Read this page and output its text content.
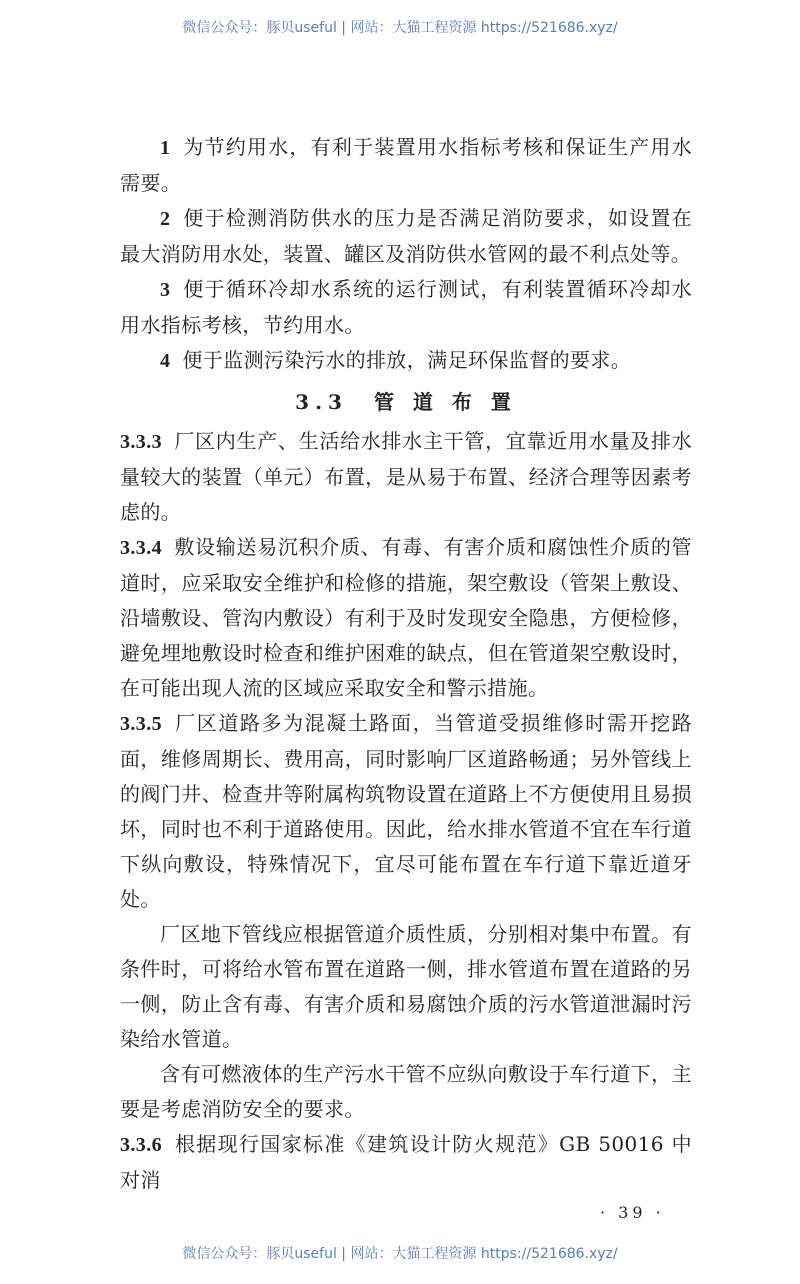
微信公众号：豚贝useful | 网站：大猫工程资源 https://521686.xyz/

1 为节约用水，有利于装置用水指标考核和保证生产用水需要。

2 便于检测消防供水的压力是否满足消防要求，如设置在最大消防用水处，装置、罐区及消防供水管网的最不利点处等。

3 便于循环冷却水系统的运行测试，有利装置循环冷却水用水指标考核，节约用水。

4 便于监测污染污水的排放，满足环保监督的要求。

3.3　管 道 布 置

3.3.3 厂区内生产、生活给水排水主干管，宜靠近用水量及排水量较大的装置（单元）布置，是从易于布置、经济合理等因素考虑的。

3.3.4 敷设输送易沉积介质、有毒、有害介质和腐蚀性介质的管道时，应采取安全维护和检修的措施，架空敷设（管架上敷设、沿墙敷设、管沟内敷设）有利于及时发现安全隐患，方便检修，避免埋地敷设时检查和维护困难的缺点，但在管道架空敷设时，在可能出现人流的区域应采取安全和警示措施。

3.3.5 厂区道路多为混凝土路面，当管道受损维修时需开挖路面，维修周期长、费用高，同时影响厂区道路畅通；另外管线上的阀门井、检查井等附属构筑物设置在道路上不方便使用且易损坏，同时也不利于道路使用。因此，给水排水管道不宜在车行道下纵向敷设，特殊情况下，宜尽可能布置在车行道下靠近道牙处。

厂区地下管线应根据管道介质性质，分别相对集中布置。有条件时，可将给水管布置在道路一侧，排水管道布置在道路的另一侧，防止含有毒、有害介质和易腐蚀介质的污水管道泄漏时污染给水管道。

含有可燃液体的生产污水干管不应纵向敷设于车行道下，主要是考虑消防安全的要求。

3.3.6 根据现行国家标准《建筑设计防火规范》GB 50016 中对消

· 39 ·
微信公众号：豚贝useful | 网站：大猫工程资源 https://521686.xyz/
